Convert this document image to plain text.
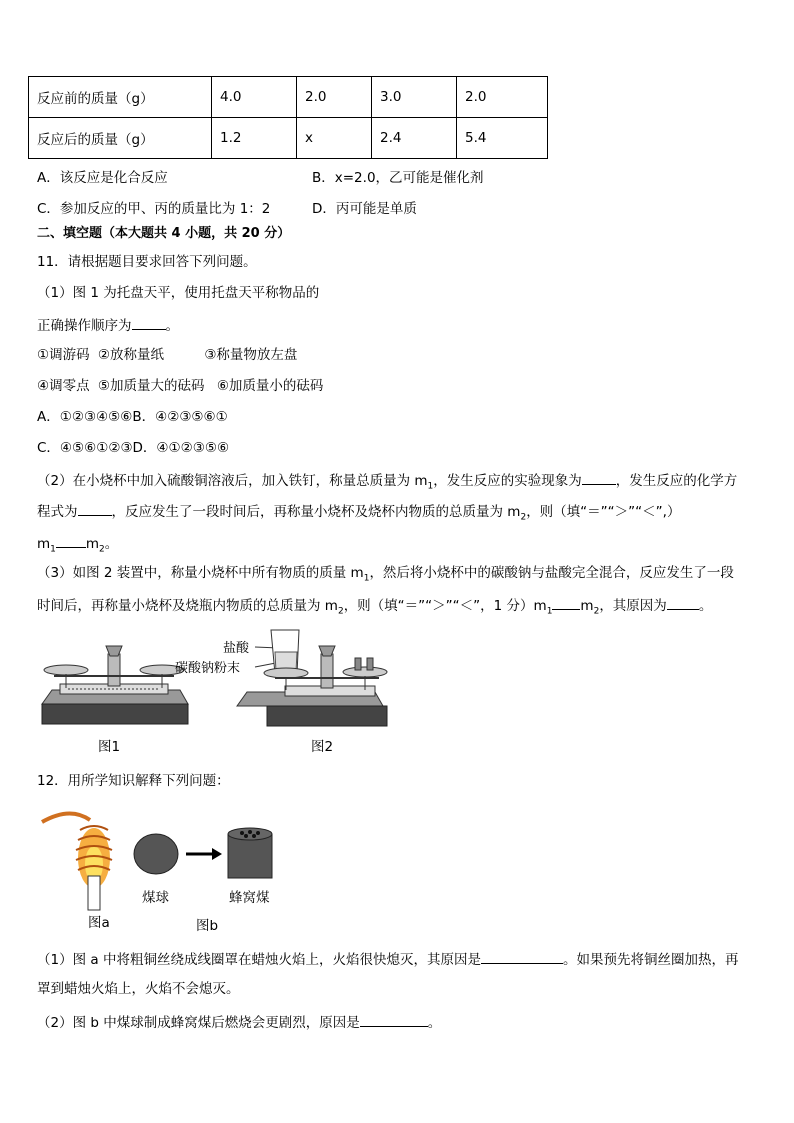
反应前的质量（g）	4.0	2.0	3.0	2.0
反应后的质量（g）	1.2	x	2.4	5.4
A．该反应是化合反应	B．x=2.0，乙可能是催化剂
C．参加反应的甲、丙的质量比为 1：2	D．丙可能是单质
二、填空题（本大题共 4 小题，共 20 分）
11．请根据题目要求回答下列问题。
（1）图 1 为托盘天平，使用托盘天平称物品的
正确操作顺序为	。
①调游码 ②放称量纸	③称量物放左盘
④调零点 ⑤加质量大的砝码 ⑥加质量小的砝码
A．①②③④⑤⑥B．④②③⑤⑥①
C．④⑤⑥①②③D．④①②③⑤⑥
（2）在小烧杯中加入硫酸铜溶液后，加入铁钉，称量总质量为 $m_1$，发生反应的实验现象为	，发生反应的化学方
程式为	，反应发生了一段时间后，再称量小烧杯及烧杯内物质的总质量为 $m_2$，则（填“＝”“＞”“＜”,）
$m_1$ $m_2$。
（3）如图 2 装置中，称量小烧杯中所有物质的质量 $m_1$，然后将小烧杯中的碳酸钠与盐酸完全混合，反应发生了一段
时间后，再称量小烧杯及烧瓶内物质的总质量为 $m_2$，则（填“＝”“＞”“＜”，1 分）$m_1$ $m_2$，其原因为 。
图1
盐酸
碳酸钠粉末
图2
12．用所学知识解释下列问题：
图a
煤球	蜂窝煤
图b
（1）图 a 中将粗铜丝绕成线圈罩在蜡烛火焰上，火焰很快熄灭，其原因是	。如果预先将铜丝圈加热，再
罩到蜡烛火焰上，火焰不会熄灭。
（2）图 b 中煤球制成蜂窝煤后燃烧会更剧烈，原因是	。
